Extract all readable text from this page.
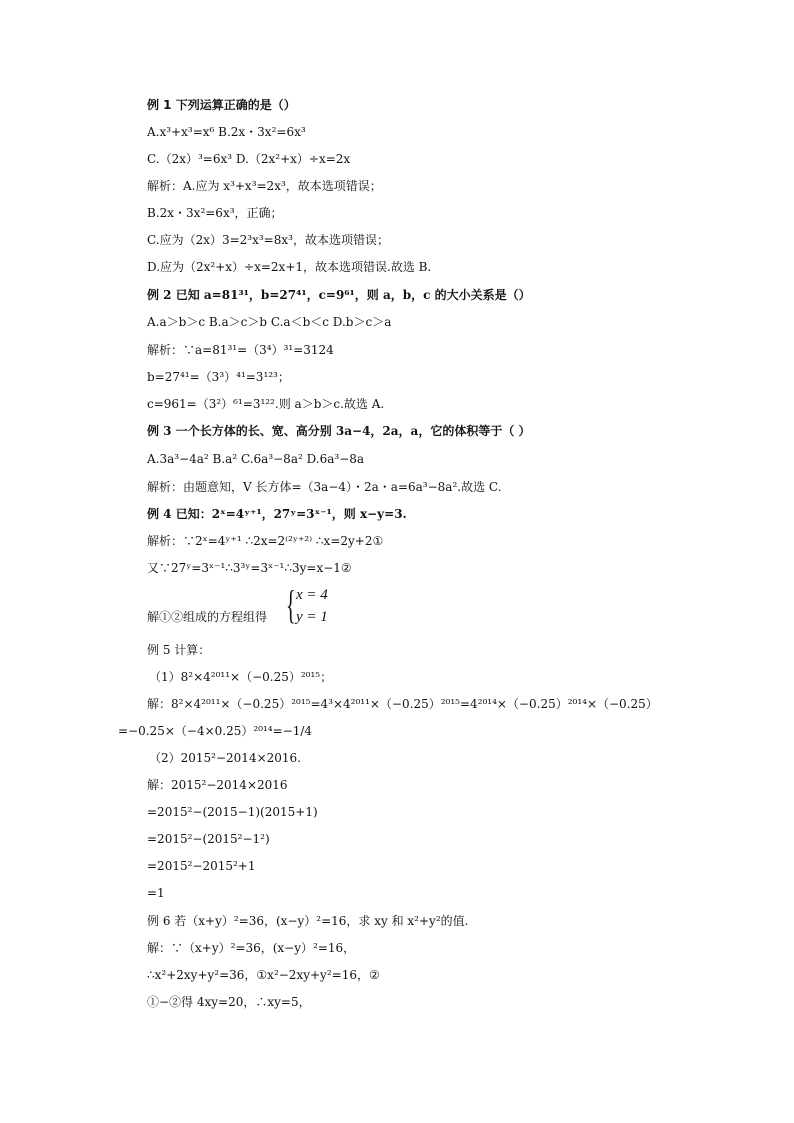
例 1 下列运算正确的是（）
A.x³+x³=x⁶ B.2x・3x²=6x³
C.（2x）³=6x³ D.（2x²+x）÷x=2x
解析：A.应为 x³+x³=2x³，故本选项错误；
B.2x・3x²=6x³，正确；
C.应为（2x）3=2³x³=8x³，故本选项错误；
D.应为（2x²+x）÷x=2x+1，故本选项错误.故选 B.
例 2 已知 a=81³¹，b=27⁴¹，c=9⁶¹，则 a，b，c 的大小关系是（）
A.a＞b＞c B.a＞c＞b C.a＜b＜c D.b＞c＞a
解析：∵a=81³¹=（3⁴）³¹=3124
b=27⁴¹=（3³）⁴¹=3¹²³；
c=961=（3²）⁶¹=3¹²².则 a＞b＞c.故选 A.
例 3 一个长方体的长、宽、高分别 3a−4，2a，a，它的体积等于（ ）
A.3a³−4a² B.a² C.6a³−8a² D.6a³−8a
解析：由题意知，V 长方体=（3a−4）・2a・a=6a³−8a².故选 C.
例 4 已知：2ˣ=4ʸ⁺¹，27ʸ=3ˣ⁻¹，则 x−y=3.
解析：∵2ˣ=4ʸ⁺¹ ∴2x=2⁽²ʸ⁺²⁾ ∴x=2y+2①
又∵27ʸ=3ˣ⁻¹∴3³ʸ=3ˣ⁻¹∴3y=x−1②
解①②组成的方程组得 { x = 4
y = 1
例 5 计算：
（1）8²×4²⁰¹¹×（−0.25）²⁰¹⁵；
解：8²×4²⁰¹¹×（−0.25）²⁰¹⁵=4³×4²⁰¹¹×（−0.25）²⁰¹⁵=4²⁰¹⁴×（−0.25）²⁰¹⁴×（−0.25）
=−0.25×（−4×0.25）²⁰¹⁴=−1/4
（2）2015²−2014×2016.
解：2015²−2014×2016
=2015²−(2015−1)(2015+1)
=2015²−(2015²−1²)
=2015²−2015²+1
=1
例 6 若（x+y）²=36，(x−y）²=16，求 xy 和 x²+y²的值.
解：∵（x+y）²=36，(x−y）²=16，
∴x²+2xy+y²=36，①x²−2xy+y²=16，②
①−②得 4xy=20，∴xy=5，
